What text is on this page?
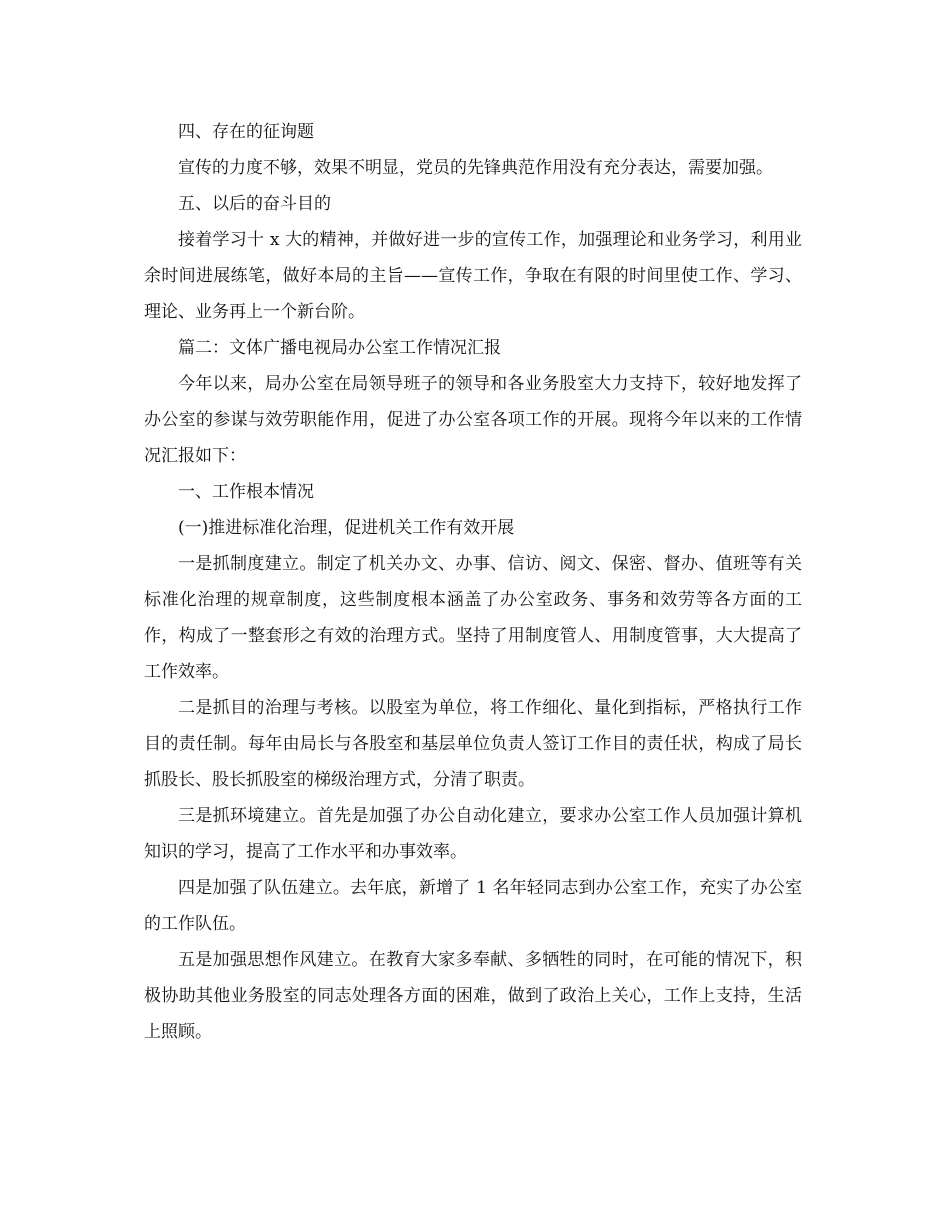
四、存在的征询题

宣传的力度不够，效果不明显，党员的先锋典范作用没有充分表达，需要加强。

五、以后的奋斗目的

接着学习十 x 大的精神，并做好进一步的宣传工作，加强理论和业务学习，利用业余时间进展练笔，做好本局的主旨——宣传工作，争取在有限的时间里使工作、学习、理论、业务再上一个新台阶。

篇二：文体广播电视局办公室工作情况汇报

今年以来，局办公室在局领导班子的领导和各业务股室大力支持下，较好地发挥了办公室的参谋与效劳职能作用，促进了办公室各项工作的开展。现将今年以来的工作情况汇报如下：

一、工作根本情况

(一)推进标准化治理，促进机关工作有效开展

一是抓制度建立。制定了机关办文、办事、信访、阅文、保密、督办、值班等有关标准化治理的规章制度，这些制度根本涵盖了办公室政务、事务和效劳等各方面的工作，构成了一整套形之有效的治理方式。坚持了用制度管人、用制度管事，大大提高了工作效率。

二是抓目的治理与考核。以股室为单位，将工作细化、量化到指标，严格执行工作目的责任制。每年由局长与各股室和基层单位负责人签订工作目的责任状，构成了局长抓股长、股长抓股室的梯级治理方式，分清了职责。

三是抓环境建立。首先是加强了办公自动化建立，要求办公室工作人员加强计算机知识的学习，提高了工作水平和办事效率。

四是加强了队伍建立。去年底，新增了 1 名年轻同志到办公室工作，充实了办公室的工作队伍。

五是加强思想作风建立。在教育大家多奉献、多牺牲的同时，在可能的情况下，积极协助其他业务股室的同志处理各方面的困难，做到了政治上关心，工作上支持，生活上照顾。
